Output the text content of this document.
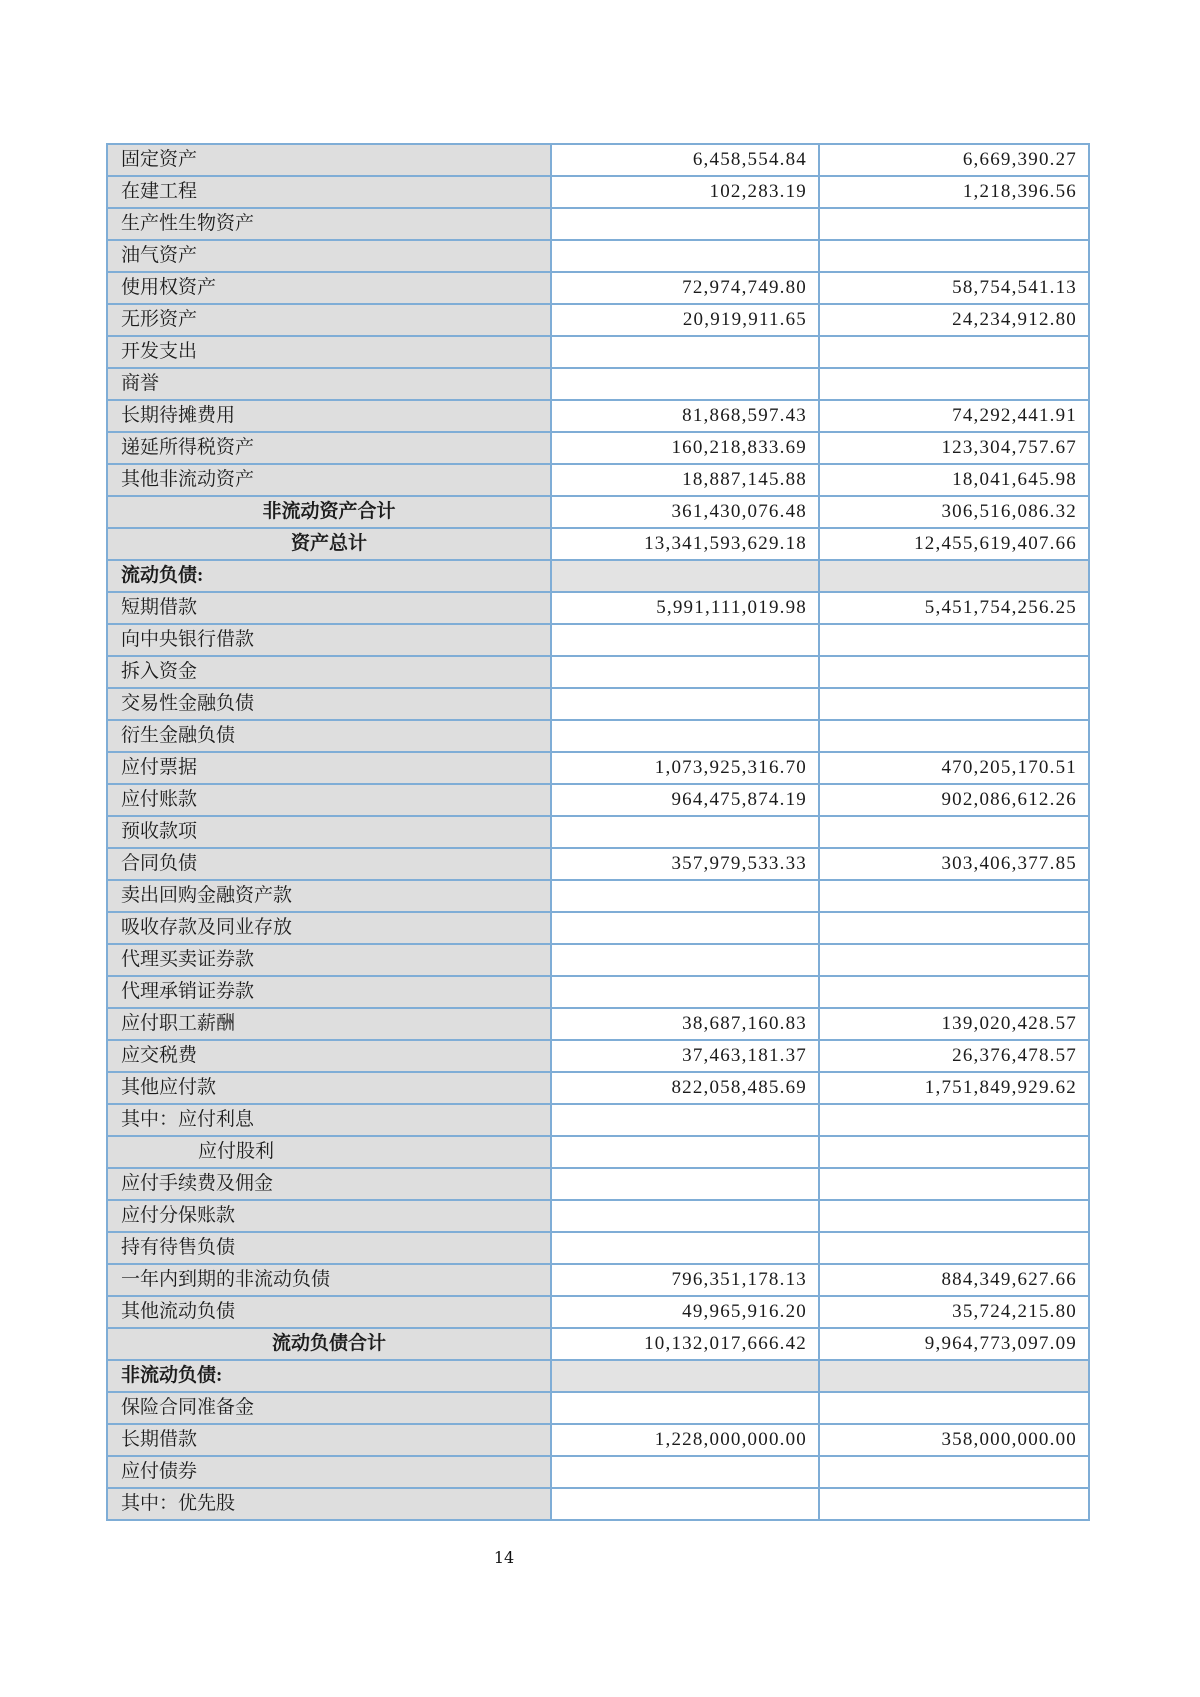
固定资产	6,458,554.84	6,669,390.27
在建工程	102,283.19	1,218,396.56
生产性生物资产		
油气资产		
使用权资产	72,974,749.80	58,754,541.13
无形资产	20,919,911.65	24,234,912.80
开发支出		
商誉		
长期待摊费用	81,868,597.43	74,292,441.91
递延所得税资产	160,218,833.69	123,304,757.67
其他非流动资产	18,887,145.88	18,041,645.98
非流动资产合计	361,430,076.48	306,516,086.32
资产总计	13,341,593,629.18	12,455,619,407.66
流动负债:		
短期借款	5,991,111,019.98	5,451,754,256.25
向中央银行借款		
拆入资金		
交易性金融负债		
衍生金融负债		
应付票据	1,073,925,316.70	470,205,170.51
应付账款	964,475,874.19	902,086,612.26
预收款项		
合同负债	357,979,533.33	303,406,377.85
卖出回购金融资产款		
吸收存款及同业存放		
代理买卖证券款		
代理承销证券款		
应付职工薪酬	38,687,160.83	139,020,428.57
应交税费	37,463,181.37	26,376,478.57
其他应付款	822,058,485.69	1,751,849,929.62
其中：应付利息		
应付股利		
应付手续费及佣金		
应付分保账款		
持有待售负债		
一年内到期的非流动负债	796,351,178.13	884,349,627.66
其他流动负债	49,965,916.20	35,724,215.80
流动负债合计	10,132,017,666.42	9,964,773,097.09
非流动负债:		
保险合同准备金		
长期借款	1,228,000,000.00	358,000,000.00
应付债券		
其中：优先股		
14
